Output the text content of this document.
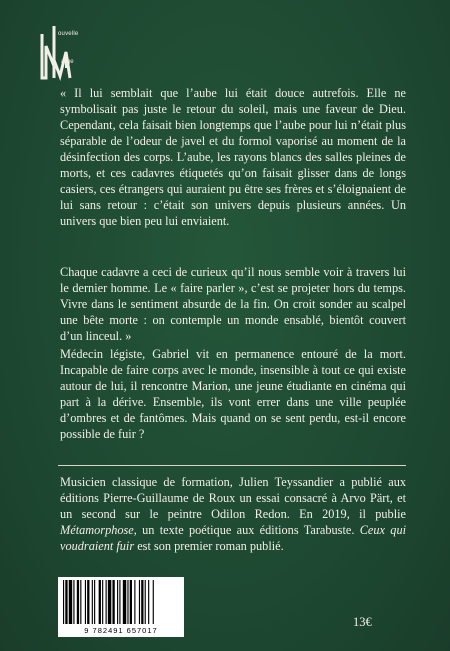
ouvelle
arge

« Il lui semblait que l’aube lui était douce autrefois. Elle ne symbolisait pas juste le retour du soleil, mais une faveur de Dieu. Cependant, cela faisait bien longtemps que l’aube pour lui n’était plus séparable de l’odeur de javel et du formol vaporisé au moment de la désinfection des corps. L’aube, les rayons blancs des salles pleines de morts, et ces cadavres étiquetés qu’on faisait glisser dans de longs casiers, ces étrangers qui auraient pu être ses frères et s’éloignaient de lui sans retour : c’était son univers depuis plusieurs années. Un univers que bien peu lui enviaient.

Chaque cadavre a ceci de curieux qu’il nous semble voir à travers lui le dernier homme. Le « faire parler », c’est se projeter hors du temps. Vivre dans le sentiment absurde de la fin. On croit sonder au scalpel une bête morte : on contemple un monde ensablé, bientôt couvert d’un linceul. »

Médecin légiste, Gabriel vit en permanence entouré de la mort. Incapable de faire corps avec le monde, insensible à tout ce qui existe autour de lui, il rencontre Marion, une jeune étudiante en cinéma qui part à la dérive. Ensemble, ils vont errer dans une ville peuplée d’ombres et de fantômes. Mais quand on se sent perdu, est-il encore possible de fuir ?

Musicien classique de formation, Julien Teyssandier a publié aux éditions Pierre-Guillaume de Roux un essai consacré à Arvo Pärt, et un second sur le peintre Odilon Redon. En 2019, il publie Métamorphose, un texte poétique aux éditions Tarabuste. Ceux qui voudraient fuir est son premier roman publié.
9 782491 657017
13€
